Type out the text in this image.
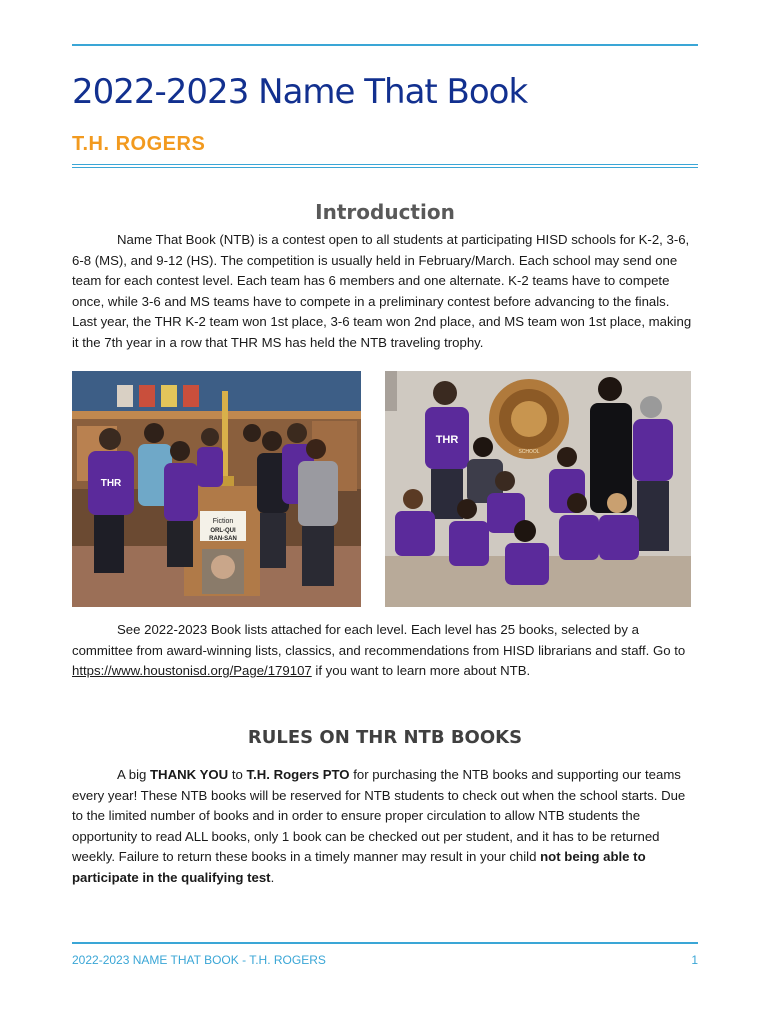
2022-2023 Name That Book
T.H. ROGERS
Introduction

Name That Book (NTB) is a contest open to all students at participating HISD schools for K-2, 3-6, 6-8 (MS), and 9-12 (HS). The competition is usually held in February/March. Each school may send one team for each contest level. Each team has 6 members and one alternate. K-2 teams have to compete once, while 3-6 and MS teams have to compete in a preliminary contest before advancing to the finals. Last year, the THR K-2 team won 1st place, 3-6 team won 2nd place, and MS team won 1st place, making it the 7th year in a row that THR MS has held the NTB traveling trophy.

Fiction
ORL-QUI
RAN-SAN
THR
SCHOOL
THR

See 2022-2023 Book lists attached for each level. Each level has 25 books, selected by a committee from award-winning lists, classics, and recommendations from HISD librarians and staff. Go to https://www.houstonisd.org/Page/179107 if you want to learn more about NTB.

RULES ON THR NTB BOOKS

A big THANK YOU to T.H. Rogers PTO for purchasing the NTB books and supporting our teams every year! These NTB books will be reserved for NTB students to check out when the school starts. Due to the limited number of books and in order to ensure proper circulation to allow NTB students the opportunity to read ALL books, only 1 book can be checked out per student, and it has to be returned weekly. Failure to return these books in a timely manner may result in your child not being able to participate in the qualifying test.

2022-2023 NAME THAT BOOK - T.H. ROGERS	1
